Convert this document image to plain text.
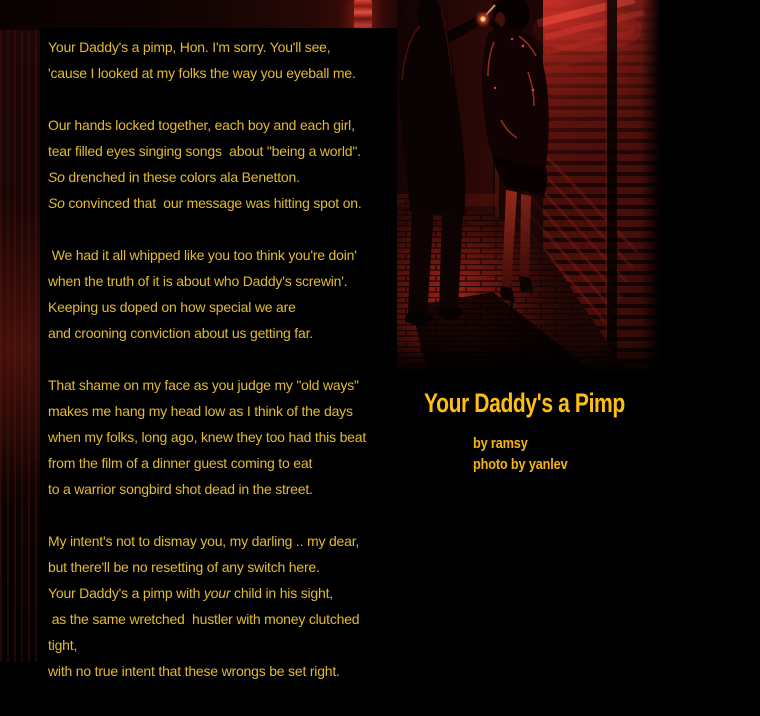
Your Daddy's a pimp, Hon. I'm sorry. You'll see,
'cause I looked at my folks the way you eyeball me.

Our hands locked together, each boy and each girl,
tear filled eyes singing songs  about "being a world".
So drenched in these colors ala Benetton.
So convinced that  our message was hitting spot on.

We had it all whipped like you too think you're doin'
when the truth of it is about who Daddy's screwin'.
Keeping us doped on how special we are
and crooning conviction about us getting far.

That shame on my face as you judge my "old ways"
makes me hang my head low as I think of the days
when my folks, long ago, knew they too had this beat
from the film of a dinner guest coming to eat
to a warrior songbird shot dead in the street.

My intent's not to dismay you, my darling .. my dear,
but there'll be no resetting of any switch here.
Your Daddy's a pimp with your child in his sight,
as the same wretched  hustler with money clutched
tight,
with no true intent that these wrongs be set right.

Your Daddy's a Pimp
by ramsy
photo by yanlev
